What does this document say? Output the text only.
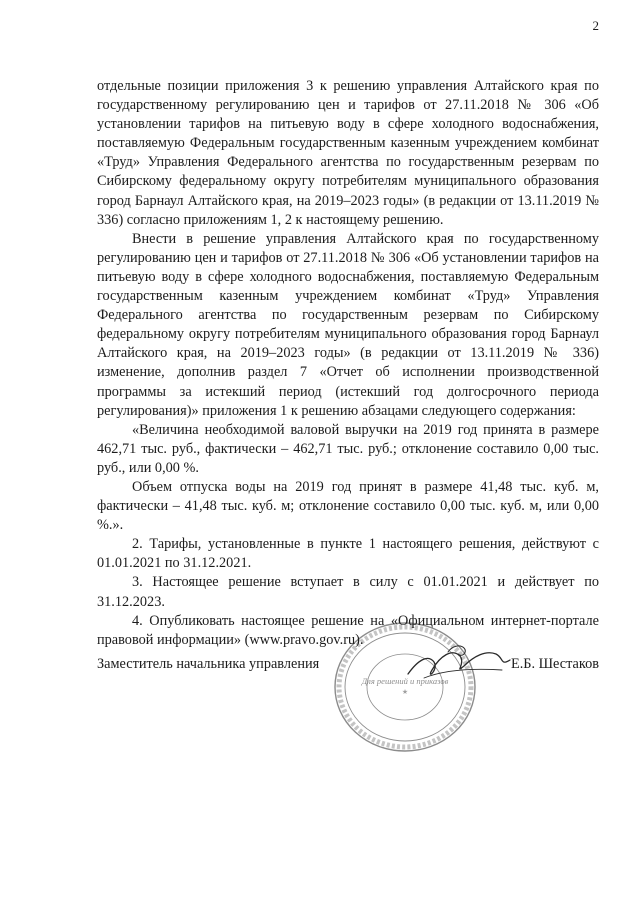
2

отдельные позиции приложения 3 к решению управления Алтайского края по государственному регулированию цен и тарифов от 27.11.2018 № 306 «Об установлении тарифов на питьевую воду в сфере холодного водоснабжения, поставляемую Федеральным государственным казенным учреждением комбинат «Труд» Управления Федерального агентства по государственным резервам по Сибирскому федеральному округу потребителям муниципального образования город Барнаул Алтайского края, на 2019–2023 годы» (в редакции от 13.11.2019 № 336) согласно приложениям 1, 2 к настоящему решению.

Внести в решение управления Алтайского края по государственному регулированию цен и тарифов от 27.11.2018 № 306 «Об установлении тарифов на питьевую воду в сфере холодного водоснабжения, поставляемую Федеральным государственным казенным учреждением комбинат «Труд» Управления Федерального агентства по государственным резервам по Сибирскому федеральному округу потребителям муниципального образования город Барнаул Алтайского края, на 2019–2023 годы» (в редакции от 13.11.2019 № 336) изменение, дополнив раздел 7 «Отчет об исполнении производственной программы за истекший период (истекший год долгосрочного периода регулирования)» приложения 1 к решению абзацами следующего содержания:

«Величина необходимой валовой выручки на 2019 год принята в размере 462,71 тыс. руб., фактически – 462,71 тыс. руб.; отклонение составило 0,00 тыс. руб., или 0,00 %.

Объем отпуска воды на 2019 год принят в размере 41,48 тыс. куб. м, фактически – 41,48 тыс. куб. м; отклонение составило 0,00 тыс. куб. м, или 0,00 %.».

2. Тарифы, установленные в пункте 1 настоящего решения, действуют с 01.01.2021 по 31.12.2021.

3. Настоящее решение вступает в силу с 01.01.2021 и действует по 31.12.2023.

4. Опубликовать настоящее решение на «Официальном интернет-портале правовой информации» (www.pravo.gov.ru).

Для решений и приказов
★
Заместитель начальника управления	Е.Б. Шестаков
